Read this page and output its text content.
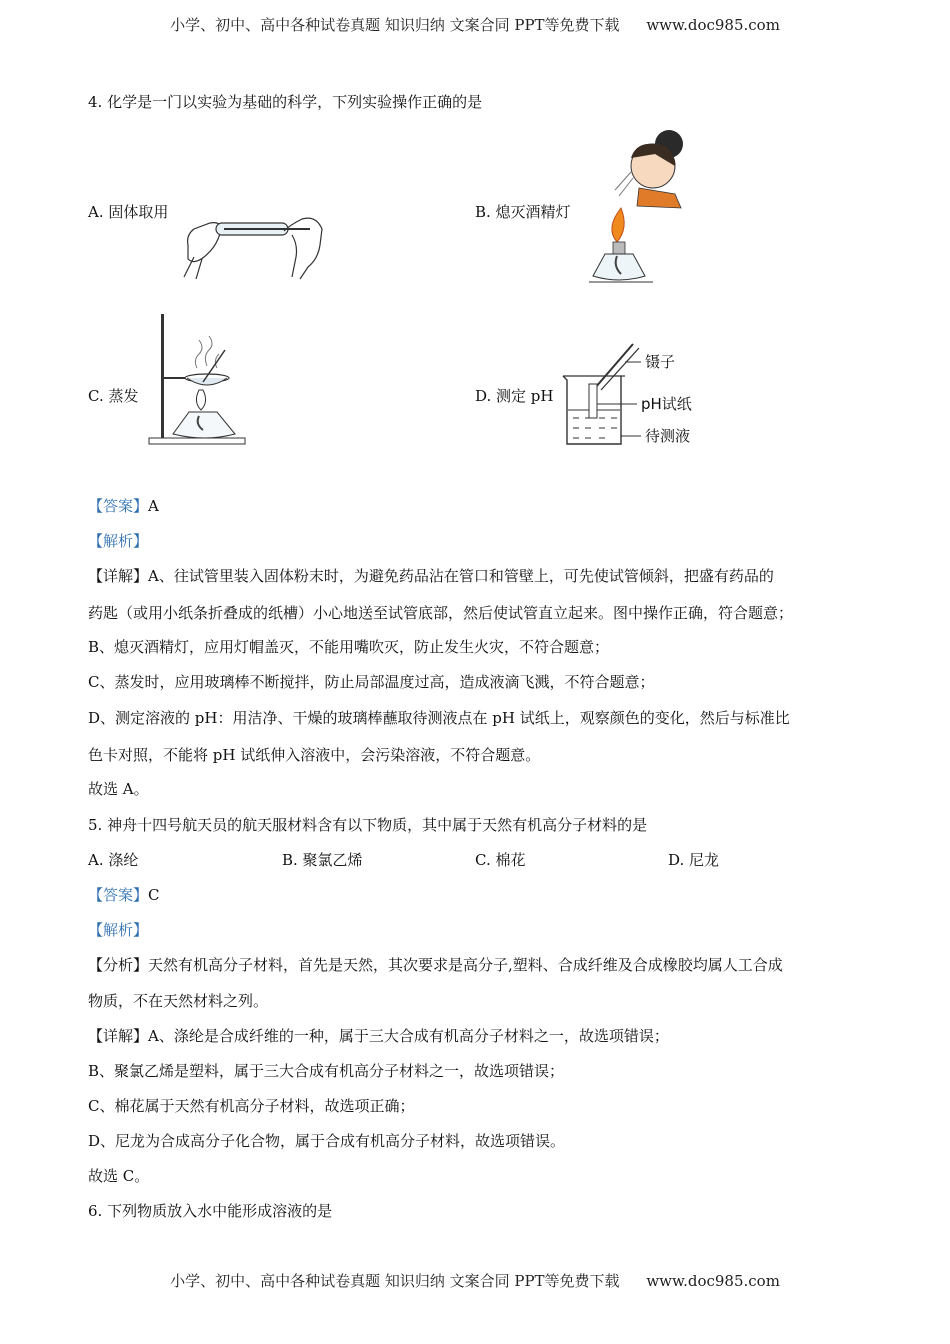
小学、初中、高中各种试卷真题 知识归纳 文案合同 PPT等免费下载 www.doc985.com
4. 化学是一门以实验为基础的科学，下列实验操作正确的是
A. 固体取用	B. 熄灭酒精灯
C. 蒸发	D. 测定 pH
镊子
pH试纸
待测液
【答案】A
【解析】
【详解】A、往试管里装入固体粉末时，为避免药品沾在管口和管壁上，可先使试管倾斜，把盛有药品的
药匙（或用小纸条折叠成的纸槽）小心地送至试管底部，然后使试管直立起来。图中操作正确，符合题意；
B、熄灭酒精灯，应用灯帽盖灭，不能用嘴吹灭，防止发生火灾，不符合题意；
C、蒸发时，应用玻璃棒不断搅拌，防止局部温度过高，造成液滴飞溅，不符合题意；
D、测定溶液的 pH：用洁净、干燥的玻璃棒蘸取待测液点在 pH 试纸上，观察颜色的变化，然后与标准比
色卡对照，不能将 pH 试纸伸入溶液中，会污染溶液，不符合题意。
故选 A。
5. 神舟十四号航天员的航天服材料含有以下物质，其中属于天然有机高分子材料的是
A. 涤纶	B. 聚氯乙烯	C. 棉花	D. 尼龙
【答案】C
【解析】
【分析】天然有机高分子材料，首先是天然，其次要求是高分子,塑料、合成纤维及合成橡胶均属人工合成
物质，不在天然材料之列。
【详解】A、涤纶是合成纤维的一种，属于三大合成有机高分子材料之一，故选项错误；
B、聚氯乙烯是塑料，属于三大合成有机高分子材料之一，故选项错误；
C、棉花属于天然有机高分子材料，故选项正确；
D、尼龙为合成高分子化合物，属于合成有机高分子材料，故选项错误。
故选 C。
6. 下列物质放入水中能形成溶液的是
小学、初中、高中各种试卷真题 知识归纳 文案合同 PPT等免费下载 www.doc985.com
